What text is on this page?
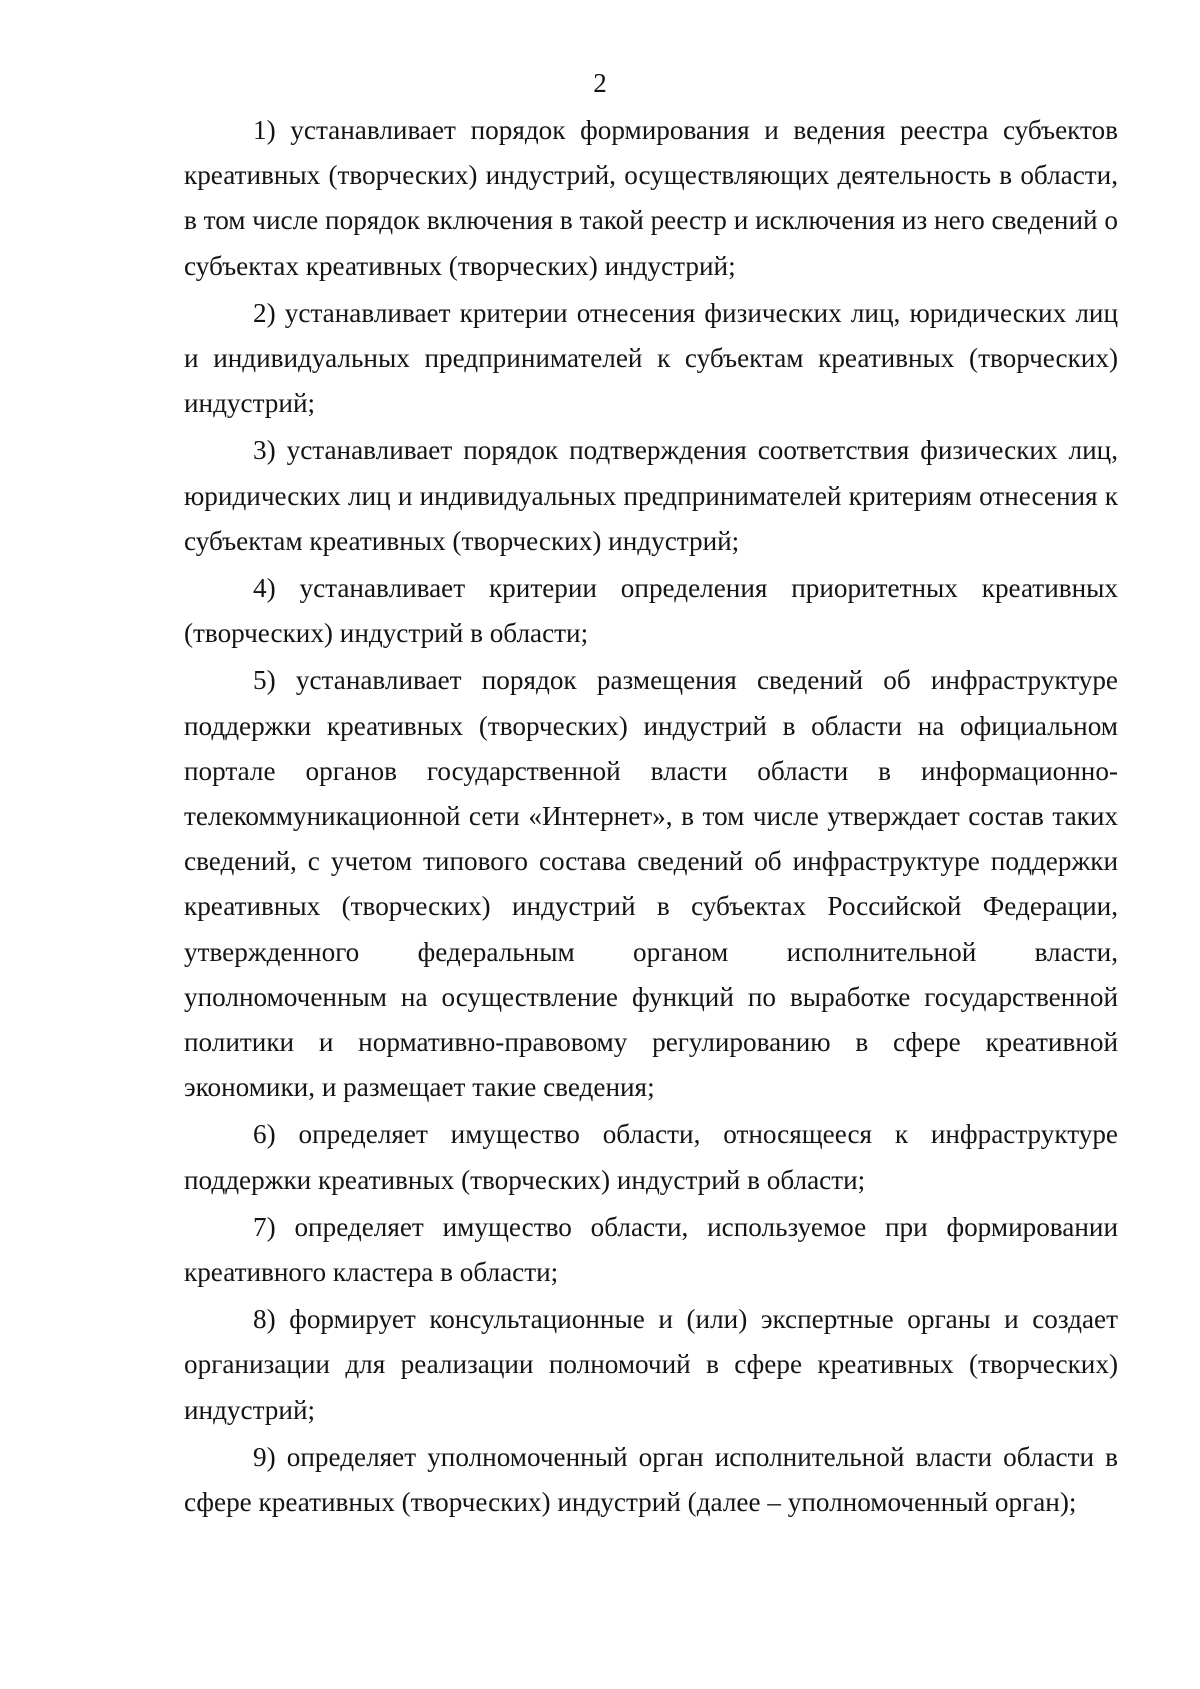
2

1) устанавливает порядок формирования и ведения реестра субъектов креативных (творческих) индустрий, осуществляющих деятельность в области, в том числе порядок включения в такой реестр и исключения из него сведений о субъектах креативных (творческих) индустрий;

2) устанавливает критерии отнесения физических лиц, юридических лиц и индивидуальных предпринимателей к субъектам креативных (творческих) индустрий;

3) устанавливает порядок подтверждения соответствия физических лиц, юридических лиц и индивидуальных предпринимателей критериям отнесения к субъектам креативных (творческих) индустрий;

4) устанавливает критерии определения приоритетных креативных (творческих) индустрий в области;

5) устанавливает порядок размещения сведений об инфраструктуре поддержки креативных (творческих) индустрий в области на официальном портале органов государственной власти области в информационно-телекоммуникационной сети «Интернет», в том числе утверждает состав таких сведений, с учетом типового состава сведений об инфраструктуре поддержки креативных (творческих) индустрий в субъектах Российской Федерации, утвержденного федеральным органом исполнительной власти, уполномоченным на осуществление функций по выработке государственной политики и нормативно-правовому регулированию в сфере креативной экономики, и размещает такие сведения;

6) определяет имущество области, относящееся к инфраструктуре поддержки креативных (творческих) индустрий в области;

7) определяет имущество области, используемое при формировании креативного кластера в области;

8) формирует консультационные и (или) экспертные органы и создает организации для реализации полномочий в сфере креативных (творческих) индустрий;

9) определяет уполномоченный орган исполнительной власти области в сфере креативных (творческих) индустрий (далее – уполномоченный орган);
